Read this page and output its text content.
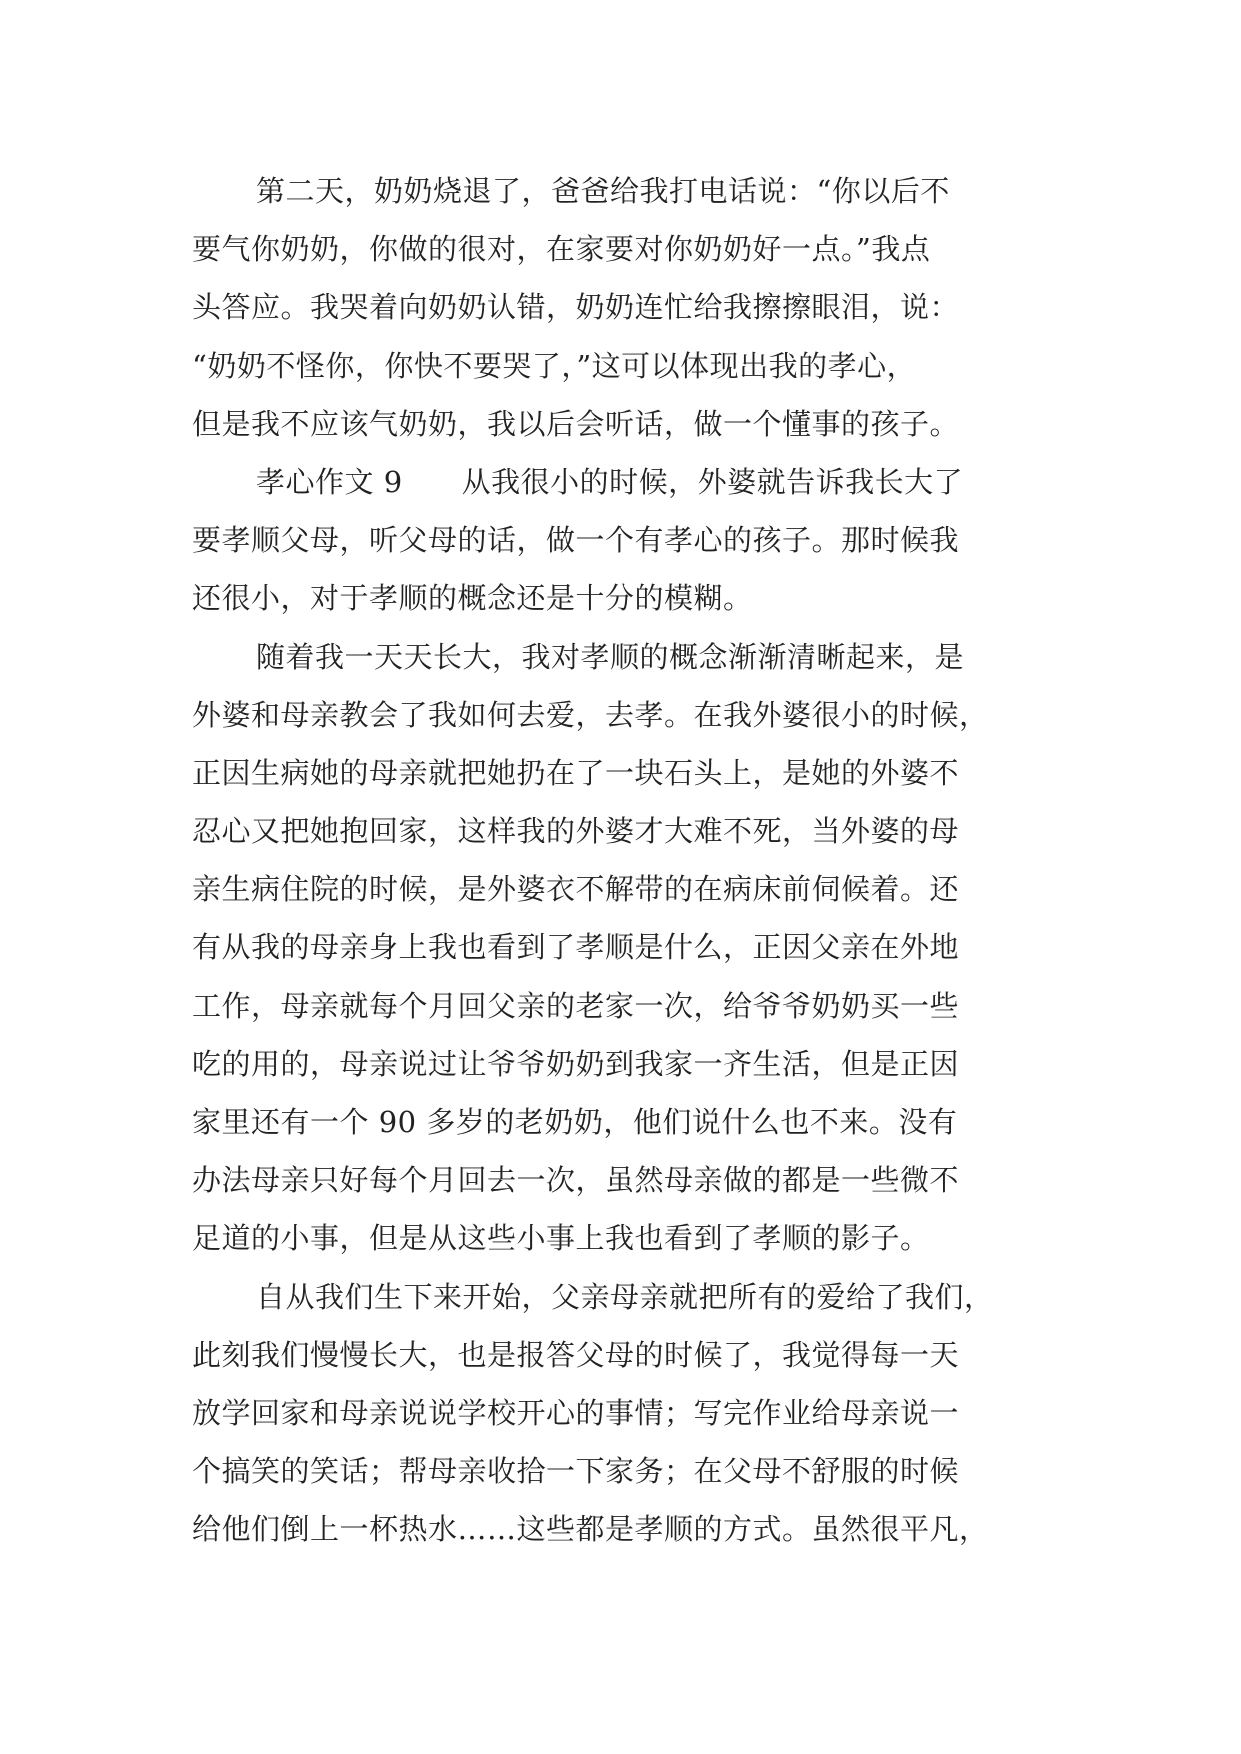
第二天，奶奶烧退了，爸爸给我打电话说：“你以后不
要气你奶奶，你做的很对，在家要对你奶奶好一点。”我点
头答应。我哭着向奶奶认错，奶奶连忙给我擦擦眼泪，说：
“奶奶不怪你，你快不要哭了，”这可以体现出我的孝心，
但是我不应该气奶奶，我以后会听话，做一个懂事的孩子。
孝心作文 9　　从我很小的时候，外婆就告诉我长大了
要孝顺父母，听父母的话，做一个有孝心的孩子。那时候我
还很小，对于孝顺的概念还是十分的模糊。
随着我一天天长大，我对孝顺的概念渐渐清晰起来，是
外婆和母亲教会了我如何去爱，去孝。在我外婆很小的时候，
正因生病她的母亲就把她扔在了一块石头上，是她的外婆不
忍心又把她抱回家，这样我的外婆才大难不死，当外婆的母
亲生病住院的时候，是外婆衣不解带的在病床前伺候着。还
有从我的母亲身上我也看到了孝顺是什么，正因父亲在外地
工作，母亲就每个月回父亲的老家一次，给爷爷奶奶买一些
吃的用的，母亲说过让爷爷奶奶到我家一齐生活，但是正因
家里还有一个 90 多岁的老奶奶，他们说什么也不来。没有
办法母亲只好每个月回去一次，虽然母亲做的都是一些微不
足道的小事，但是从这些小事上我也看到了孝顺的影子。
自从我们生下来开始，父亲母亲就把所有的爱给了我们，
此刻我们慢慢长大，也是报答父母的时候了，我觉得每一天
放学回家和母亲说说学校开心的事情；写完作业给母亲说一
个搞笑的笑话；帮母亲收拾一下家务；在父母不舒服的时候
给他们倒上一杯热水……这些都是孝顺的方式。虽然很平凡，
